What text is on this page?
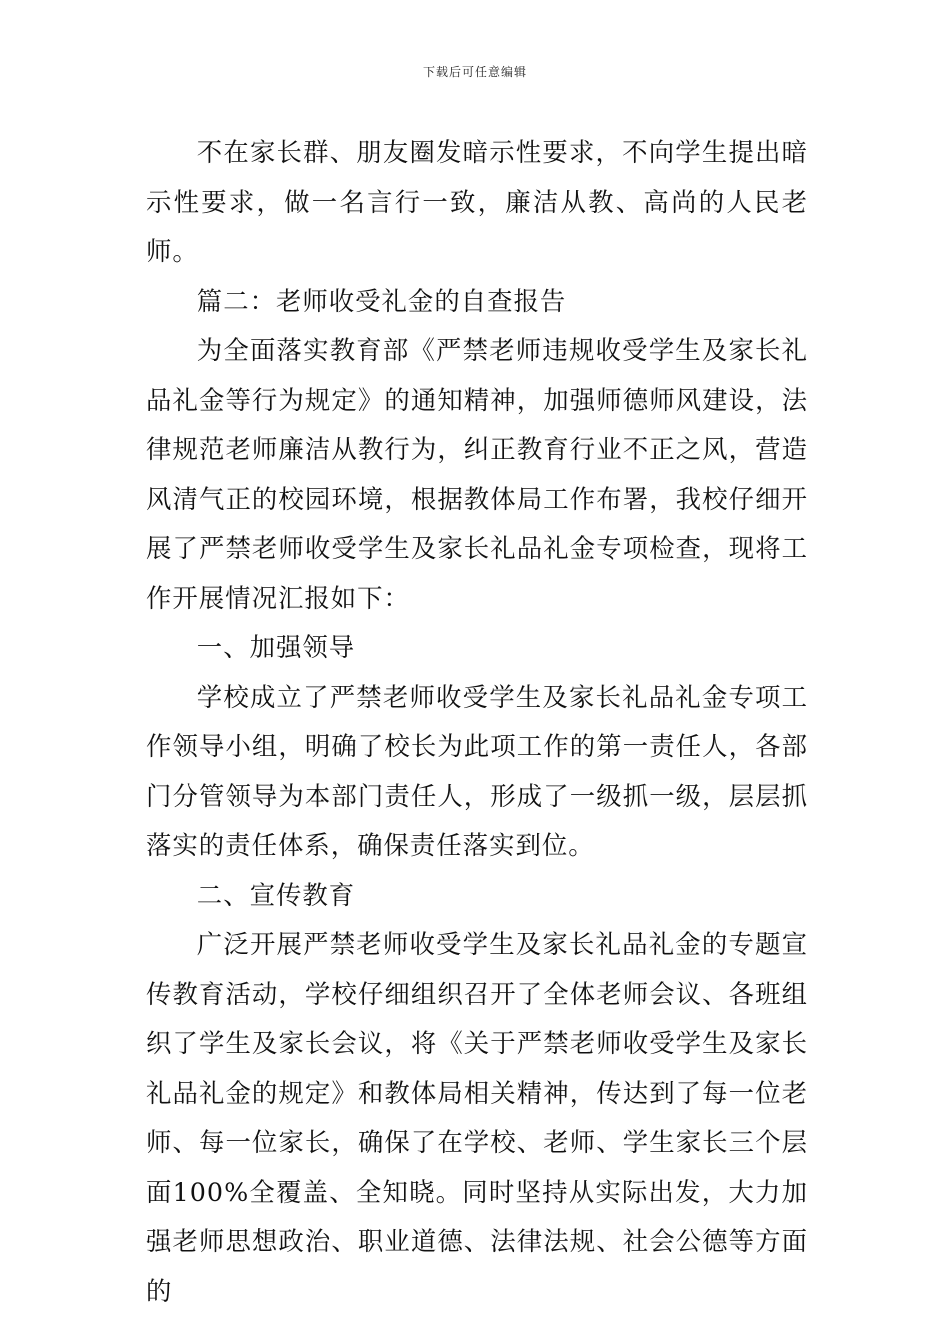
下载后可任意编辑

不在家长群、朋友圈发暗示性要求，不向学生提出暗示性要求，做一名言行一致，廉洁从教、高尚的人民老师。

篇二：老师收受礼金的自查报告

为全面落实教育部《严禁老师违规收受学生及家长礼品礼金等行为规定》的通知精神，加强师德师风建设，法律规范老师廉洁从教行为，纠正教育行业不正之风，营造风清气正的校园环境，根据教体局工作布署，我校仔细开展了严禁老师收受学生及家长礼品礼金专项检查，现将工作开展情况汇报如下：

一、加强领导

学校成立了严禁老师收受学生及家长礼品礼金专项工作领导小组，明确了校长为此项工作的第一责任人，各部门分管领导为本部门责任人，形成了一级抓一级，层层抓落实的责任体系，确保责任落实到位。

二、宣传教育

广泛开展严禁老师收受学生及家长礼品礼金的专题宣传教育活动，学校仔细组织召开了全体老师会议、各班组织了学生及家长会议，将《关于严禁老师收受学生及家长礼品礼金的规定》和教体局相关精神，传达到了每一位老师、每一位家长，确保了在学校、老师、学生家长三个层面100%全覆盖、全知晓。同时坚持从实际出发，大力加强老师思想政治、职业道德、法律法规、社会公德等方面的
